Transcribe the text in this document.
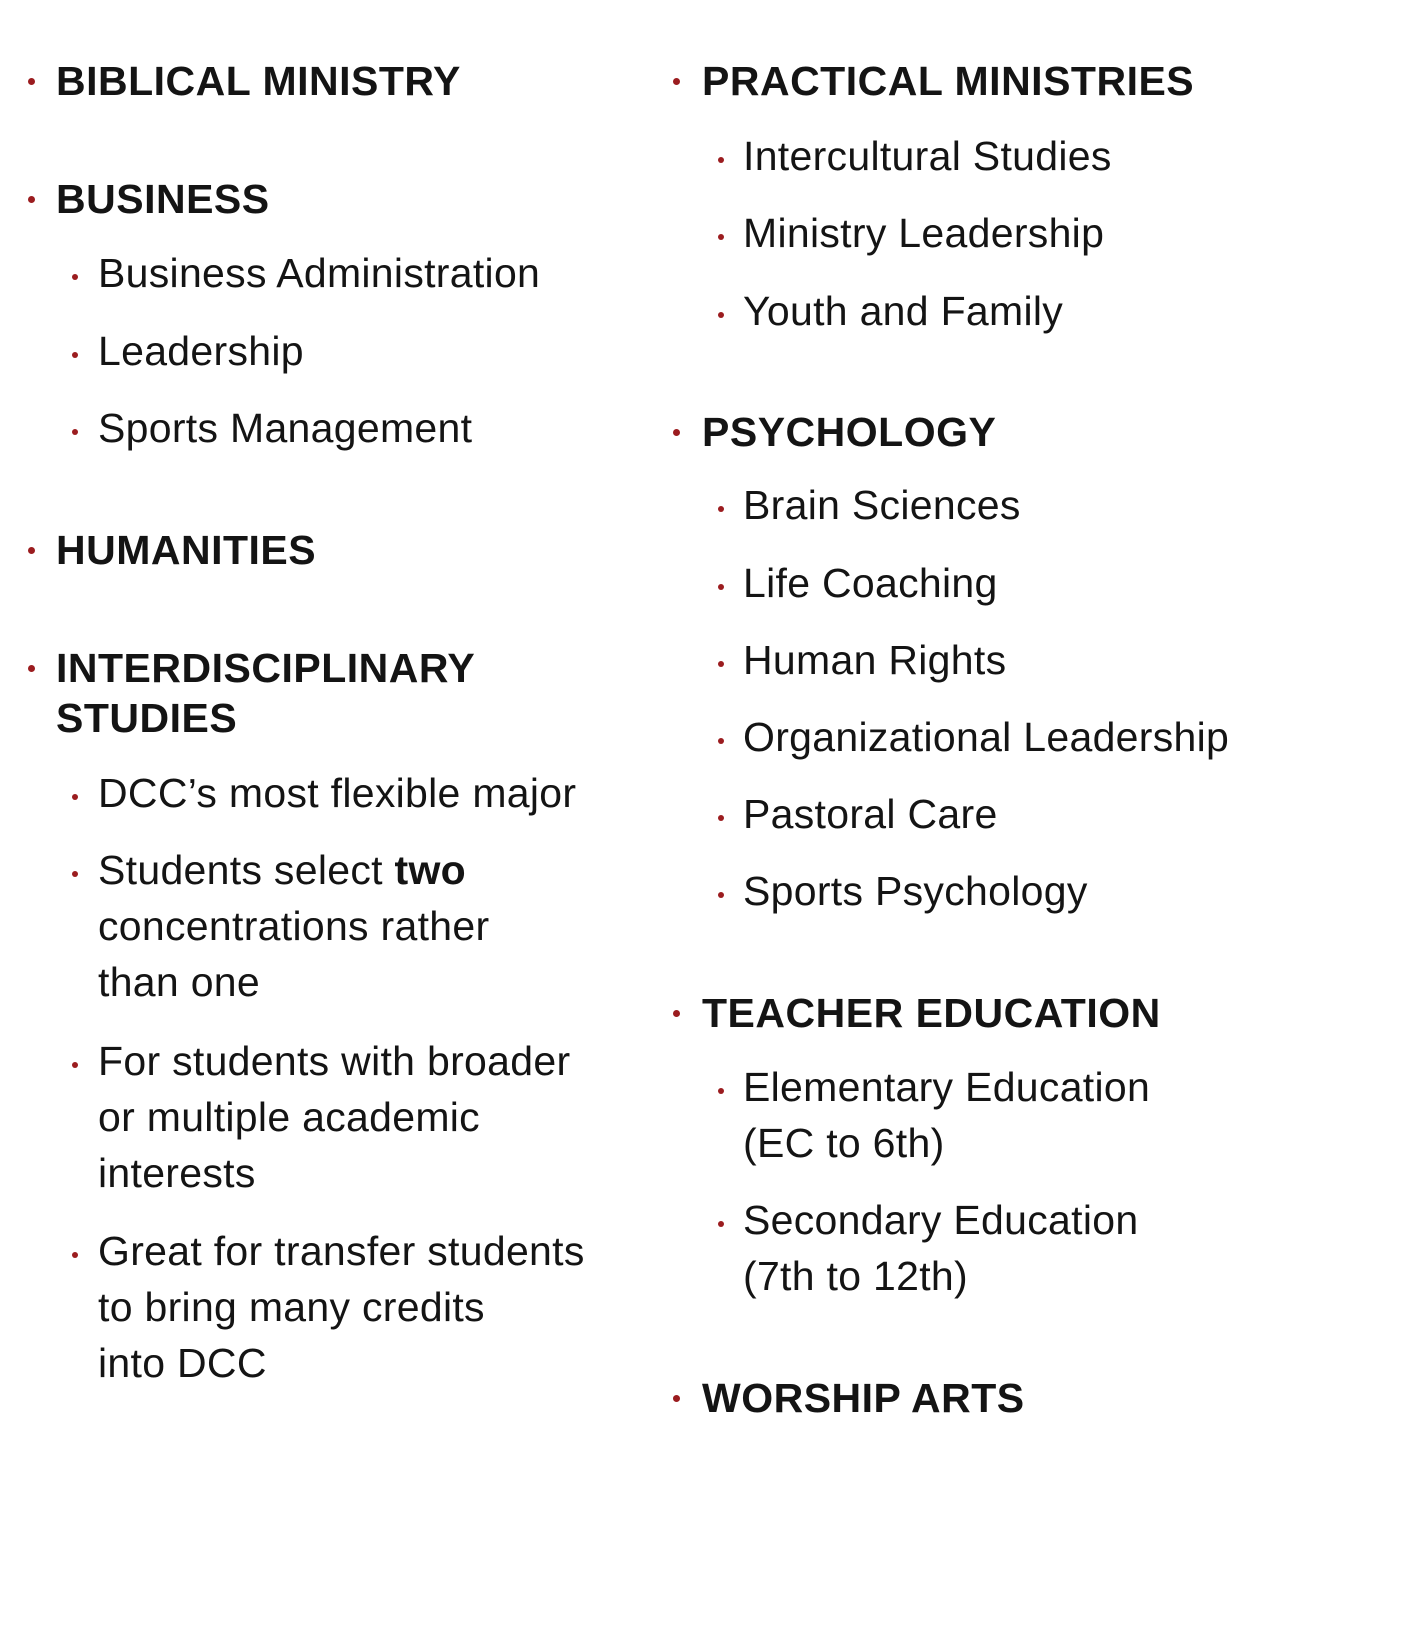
BIBLICAL MINISTRY
BUSINESS
Business Administration
Leadership
Sports Management
HUMANITIES
INTERDISCIPLINARY
STUDIES
DCC’s most flexible major
Students select two
concentrations rather
than one
For students with broader
or multiple academic
interests
Great for transfer students
to bring many credits
into DCC
PRACTICAL MINISTRIES
Intercultural Studies
Ministry Leadership
Youth and Family
PSYCHOLOGY
Brain Sciences
Life Coaching
Human Rights
Organizational Leadership
Pastoral Care
Sports Psychology
TEACHER EDUCATION
Elementary Education
(EC to 6th)
Secondary Education
(7th to 12th)
WORSHIP ARTS
